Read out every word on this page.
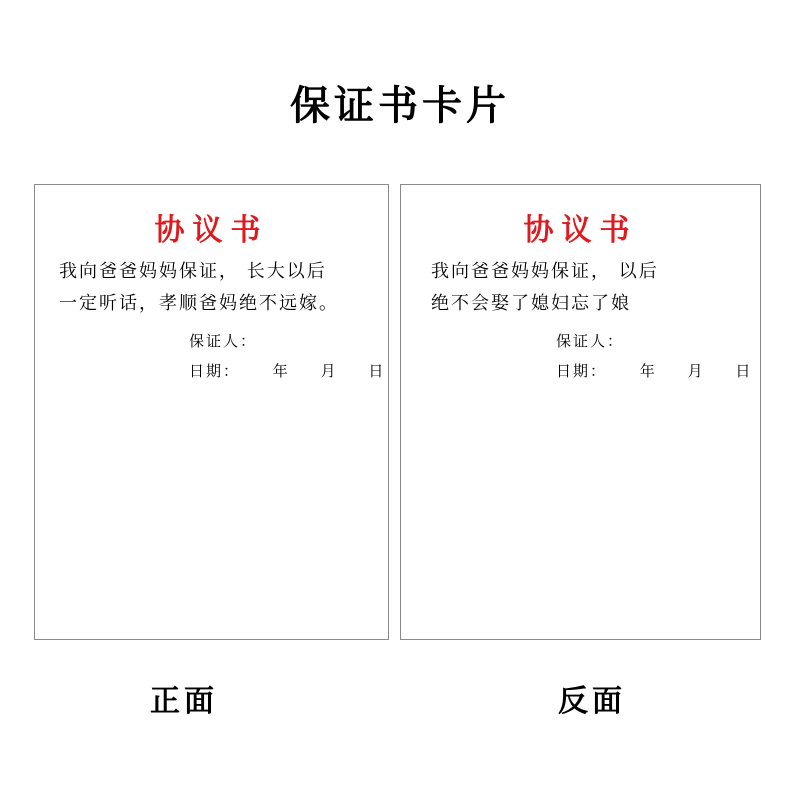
保证书卡片
协议书
我向爸爸妈妈保证， 长大以后
一定听话，孝顺爸妈绝不远嫁。
保证人：
日期： 年 月 日
协议书
我向爸爸妈妈保证， 以后
绝不会娶了媳妇忘了娘
保证人：
日期： 年 月 日
正面	反面
